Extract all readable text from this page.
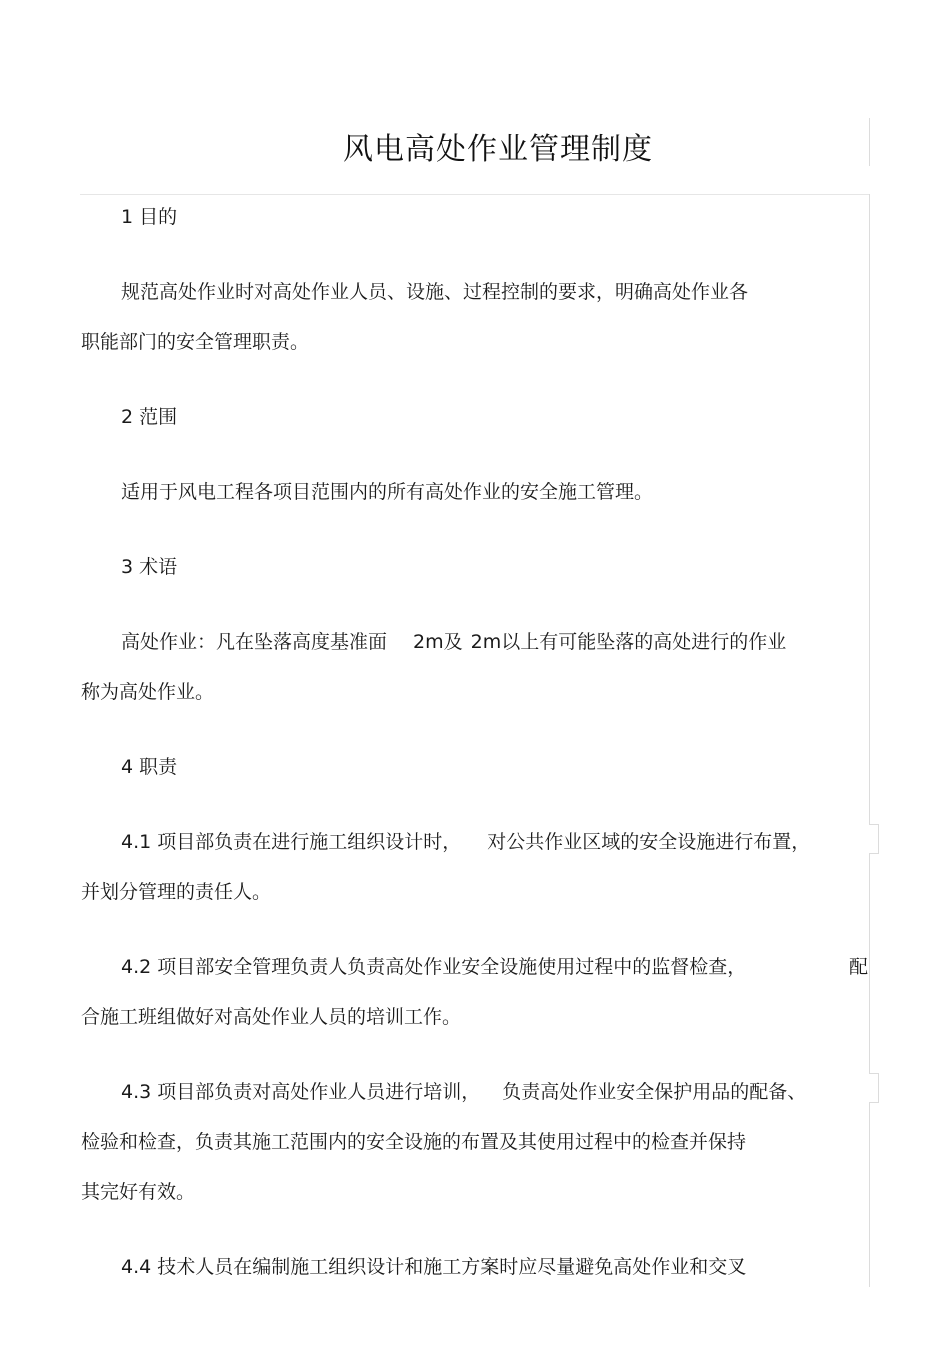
风电高处作业管理制度
1 目的
规范高处作业时对高处作业人员、设施、过程控制的要求，明确高处作业各
职能部门的安全管理职责。
2 范围
适用于风电工程各项目范围内的所有高处作业的安全施工管理。
3 术语
高处作业：凡在坠落高度基准面 2m及 2m以上有可能坠落的高处进行的作业
称为高处作业。
4 职责
4.1 项目部负责在进行施工组织设计时， 对公共作业区域的安全设施进行布置，
并划分管理的责任人。
4.2 项目部安全管理负责人负责高处作业安全设施使用过程中的监督检查，	配
合施工班组做好对高处作业人员的培训工作。
4.3 项目部负责对高处作业人员进行培训， 负责高处作业安全保护用品的配备、
检验和检查，负责其施工范围内的安全设施的布置及其使用过程中的检查并保持
其完好有效。
4.4 技术人员在编制施工组织设计和施工方案时应尽量避免高处作业和交叉
